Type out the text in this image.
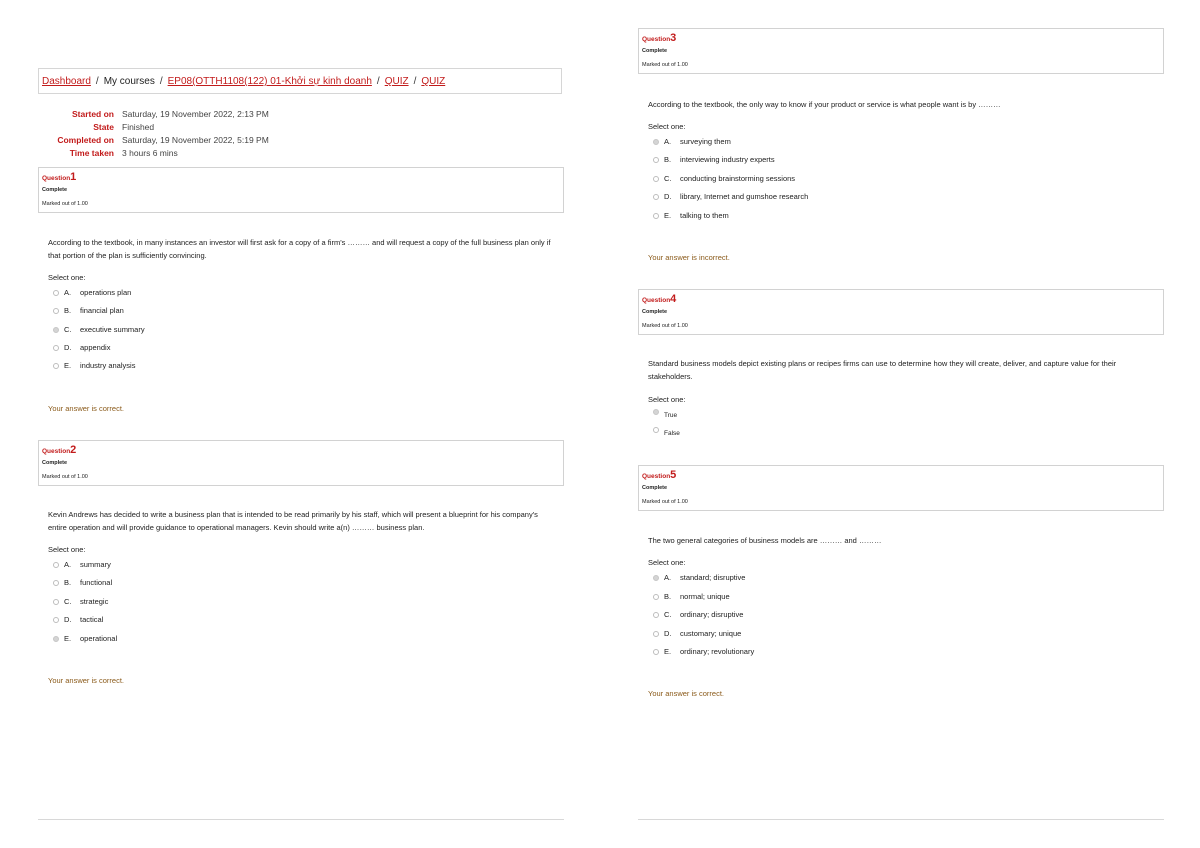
Dashboard / My courses / EP08(OTTH1108(122) 01-Khởi sự kinh doanh / QUIZ / QUIZ
Started on Saturday, 19 November 2022, 2:13 PM
State Finished
Completed on Saturday, 19 November 2022, 5:19 PM
Time taken 3 hours 6 mins
Question1
Complete
Marked out of 1.00
According to the textbook, in many instances an investor will first ask for a copy of a firm's ……… and will request a copy of the full business plan only if that portion of the plan is sufficiently convincing.
Select one:
A. operations plan
B. financial plan
C. executive summary
D. appendix
E. industry analysis
Your answer is correct.
Question2
Complete
Marked out of 1.00
Kevin Andrews has decided to write a business plan that is intended to be read primarily by his staff, which will present a blueprint for his company's entire operation and will provide guidance to operational managers. Kevin should write a(n) ……… business plan.
Select one:
A. summary
B. functional
C. strategic
D. tactical
E. operational
Your answer is correct.
Question3
Complete
Marked out of 1.00
According to the textbook, the only way to know if your product or service is what people want is by ………
Select one:
A. surveying them
B. interviewing industry experts
C. conducting brainstorming sessions
D. library, Internet and gumshoe research
E. talking to them
Your answer is incorrect.
Question4
Complete
Marked out of 1.00
Standard business models depict existing plans or recipes firms can use to determine how they will create, deliver, and capture value for their stakeholders.
Select one:
True
False
Question5
Complete
Marked out of 1.00
The two general categories of business models are ……… and ………
Select one:
A. standard; disruptive
B. normal; unique
C. ordinary; disruptive
D. customary; unique
E. ordinary; revolutionary
Your answer is correct.
